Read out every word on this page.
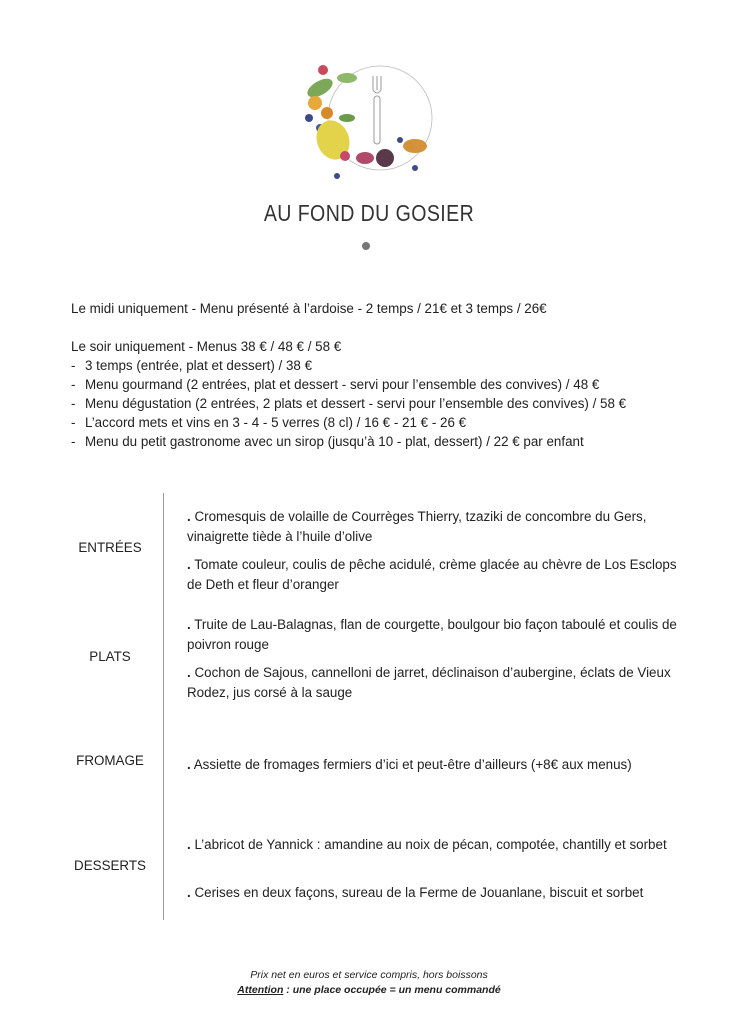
AU FOND DU GOSIER
Le midi uniquement - Menu présenté à l’ardoise - 2 temps / 21€ et 3 temps / 26€
Le soir uniquement - Menus 38 € / 48 € / 58 €
- 3 temps (entrée, plat et dessert) / 38 €
- Menu gourmand (2 entrées, plat et dessert - servi pour l’ensemble des convives) / 48 €
- Menu dégustation (2 entrées, 2 plats et dessert - servi pour l’ensemble des convives) / 58 €
- L’accord mets et vins en 3 - 4 - 5 verres (8 cl) / 16 € - 21 € - 26 €
- Menu du petit gastronome avec un sirop (jusqu’à 10 - plat, dessert) / 22 € par enfant
ENTRÉES
. Cromesquis de volaille de Courrèges Thierry, tzaziki de concombre du Gers, vinaigrette tiède à l’huile d’olive
. Tomate couleur, coulis de pêche acidulé, crème glacée au chèvre de Los Esclops de Deth et fleur d’oranger
PLATS
. Truite de Lau-Balagnas, flan de courgette, boulgour bio façon taboulé et coulis de poivron rouge
. Cochon de Sajous, cannelloni de jarret, déclinaison d’aubergine, éclats de Vieux Rodez, jus corsé à la sauge
FROMAGE	. Assiette de fromages fermiers d’ici et peut-être d’ailleurs (+8€ aux menus)
DESSERTS
. L’abricot de Yannick : amandine au noix de pécan, compotée, chantilly et sorbet
. Cerises en deux façons, sureau de la Ferme de Jouanlane, biscuit et sorbet
Prix net en euros et service compris, hors boissons
Attention : une place occupée = un menu commandé
